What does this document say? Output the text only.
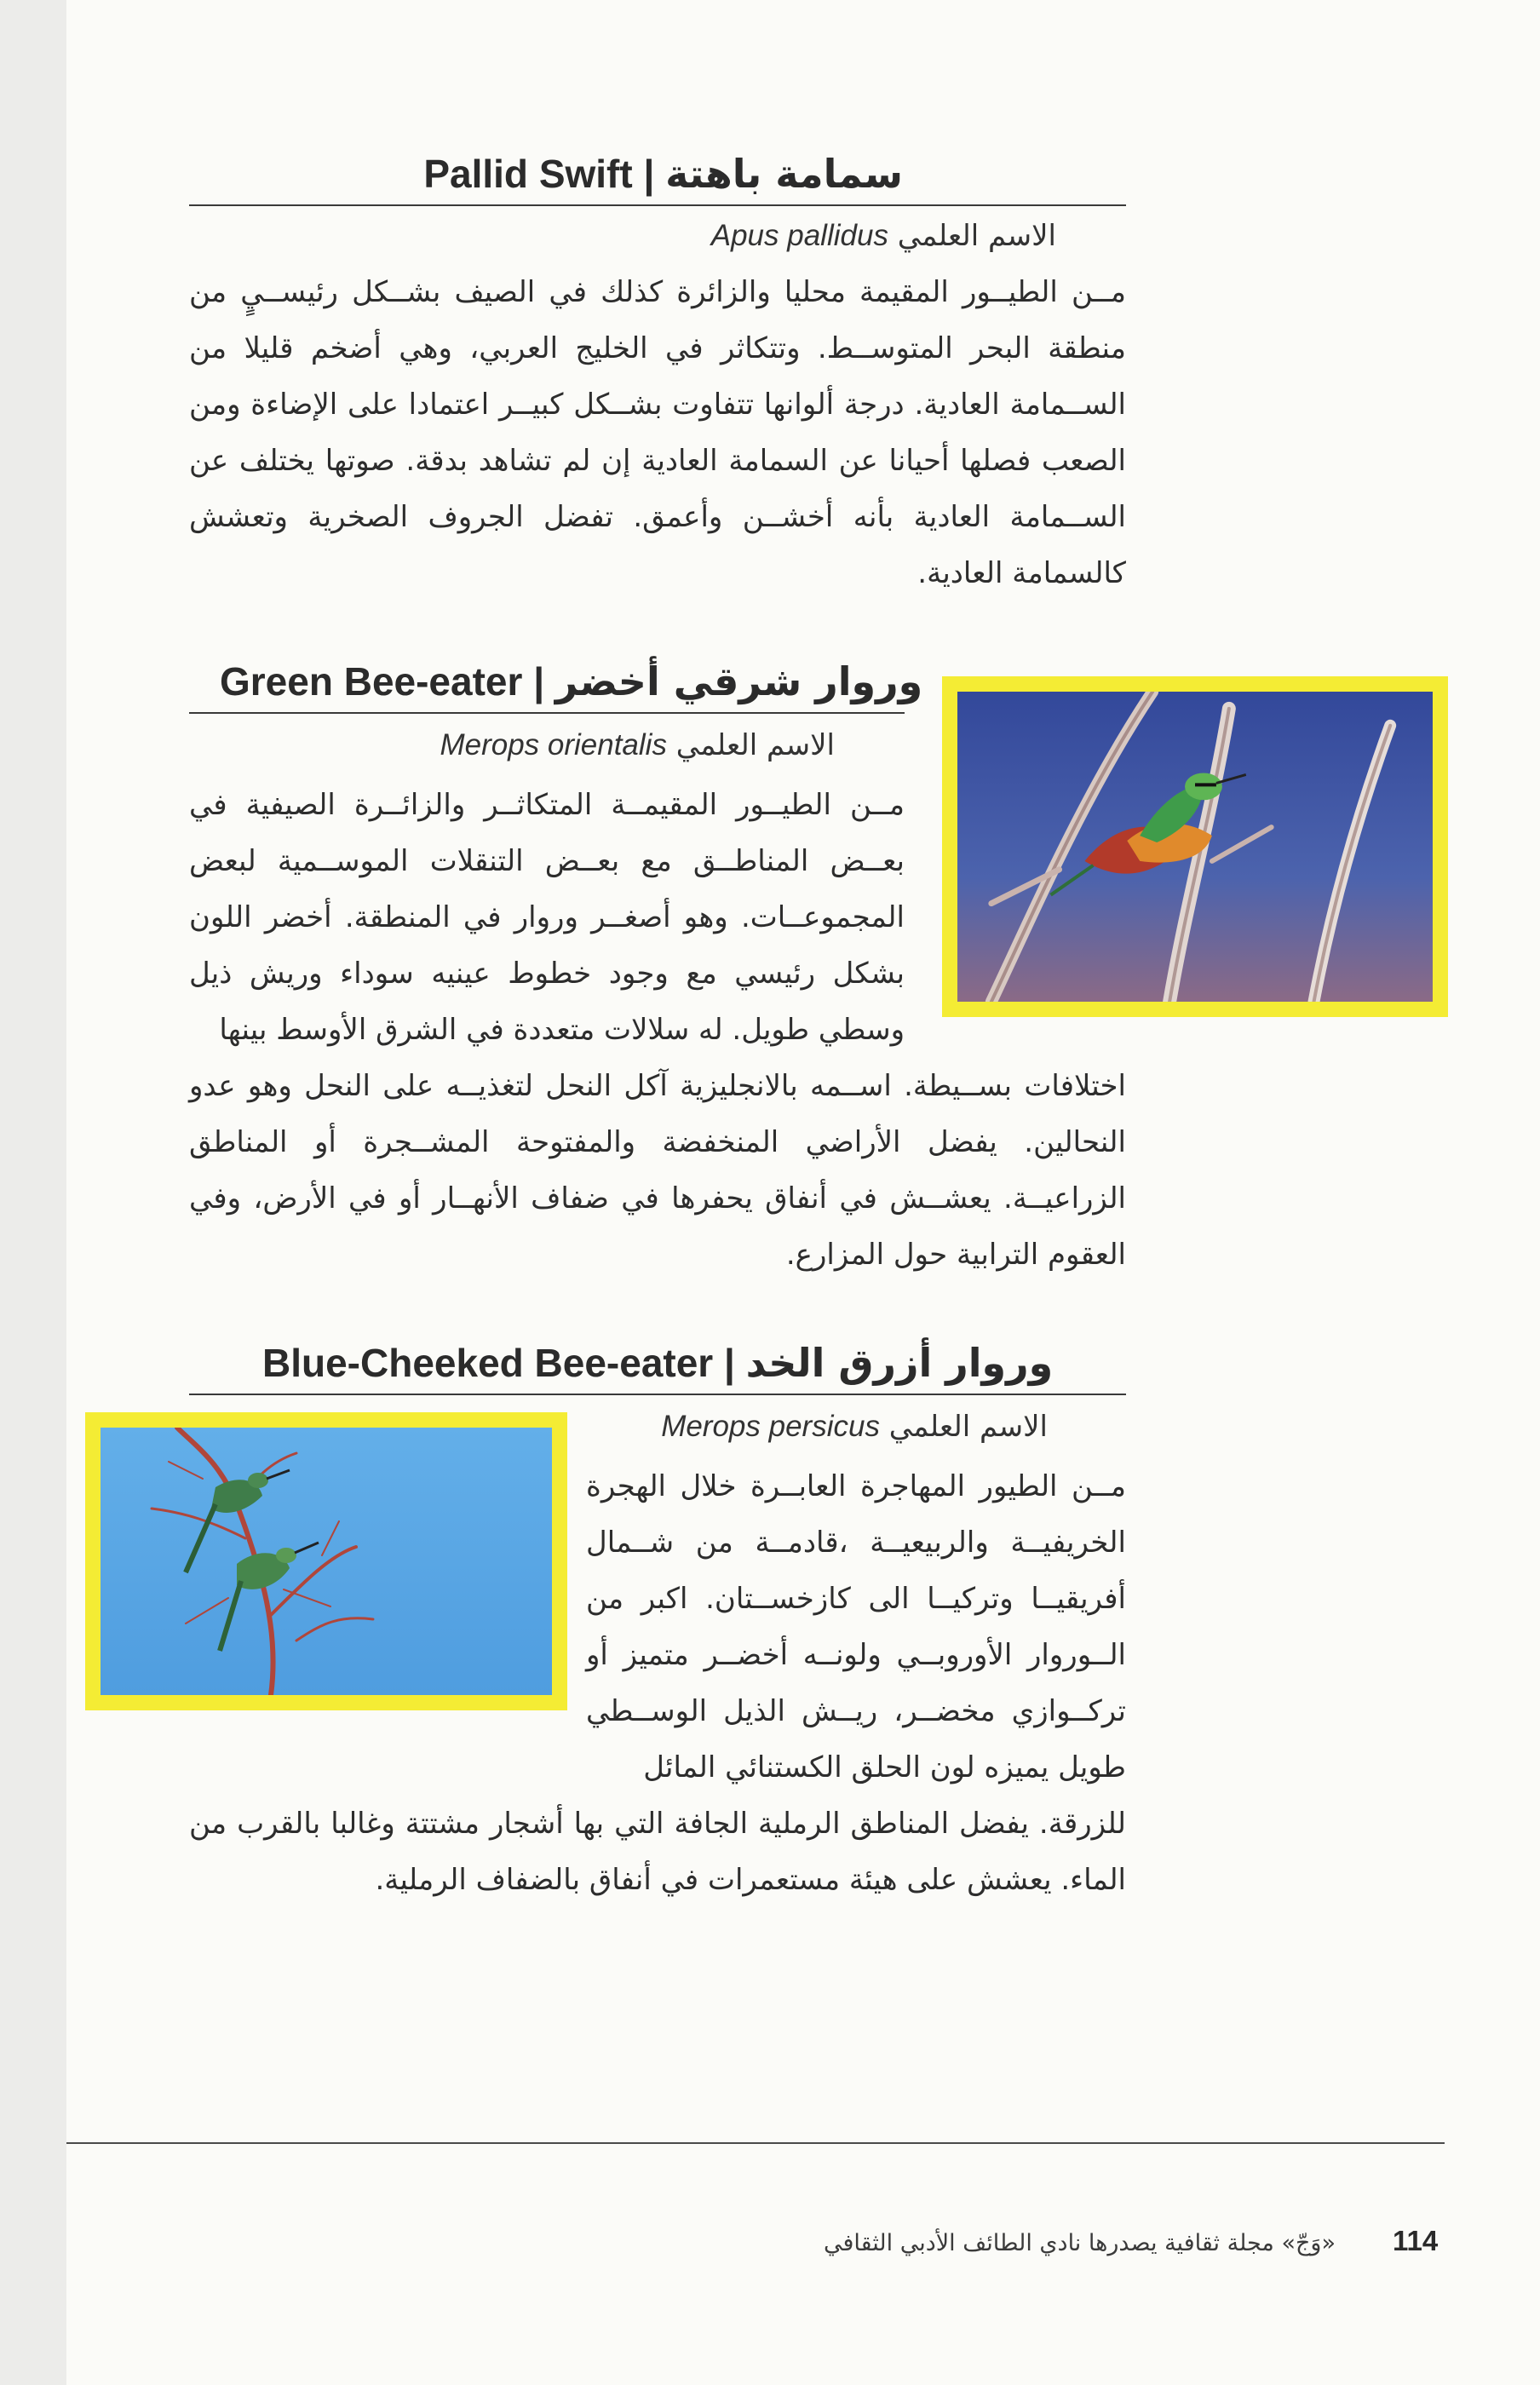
Pallid Swift | سمامة باهتة
الاسم العلمي Apus pallidus

مــن الطيــور المقيمة محليا والزائرة كذلك في الصيف بشــكل رئيســيٍ من منطقة البحر المتوســط. وتتكاثر في الخليج العربي، وهي أضخم قليلا من الســمامة العادية. درجة ألوانها تتفاوت بشــكل كبيــر اعتمادا على الإضاءة ومن الصعب فصلها أحيانا عن السمامة العادية إن لم تشاهد بدقة. صوتها يختلف عن الســمامة العادية بأنه أخشــن وأعمق. تفضل الجروف الصخرية وتعشش كالسمامة العادية.

Green Bee-eater | وروار شرقي أخضر
الاسم العلمي Merops orientalis

مــن الطيــور المقيمــة المتكاثــر والزائــرة الصيفية في بعــض المناطــق مع بعــض التنقلات الموســمية لبعض المجموعــات. وهو أصغــر وروار في المنطقة. أخضر اللون بشكل رئيسي مع وجود خطوط عينيه سوداء وريش ذيل وسطي طويل. له سلالات متعددة في الشرق الأوسط بينها

اختلافات بســيطة. اســمه بالانجليزية آكل النحل لتغذيــه على النحل وهو عدو النحالين. يفضل الأراضي المنخفضة والمفتوحة المشــجرة أو المناطق الزراعيــة. يعشــش في أنفاق يحفرها في ضفاف الأنهــار أو في الأرض، وفي العقوم الترابية حول المزارع.

Blue-Cheeked Bee-eater | وروار أزرق الخد
الاسم العلمي Merops persicus

مــن الطيور المهاجرة العابــرة خلال الهجرة الخريفيــة والربيعيــة ،قادمــة من شــمال أفريقيــا وتركيــا الى كازخســتان. اكبر من الــوروار الأوروبــي ولونــه أخضــر متميز أو تركــوازي مخضــر، ريــش الذيل الوســطي طويل يميزه لون الحلق الكستنائي المائل

للزرقة. يفضل المناطق الرملية الجافة التي بها أشجار مشتتة وغالبا بالقرب من الماء. يعشش على هيئة مستعمرات في أنفاق بالضفاف الرملية.

«وَجّ» مجلة ثقافية يصدرها نادي الطائف الأدبي الثقافي 114
